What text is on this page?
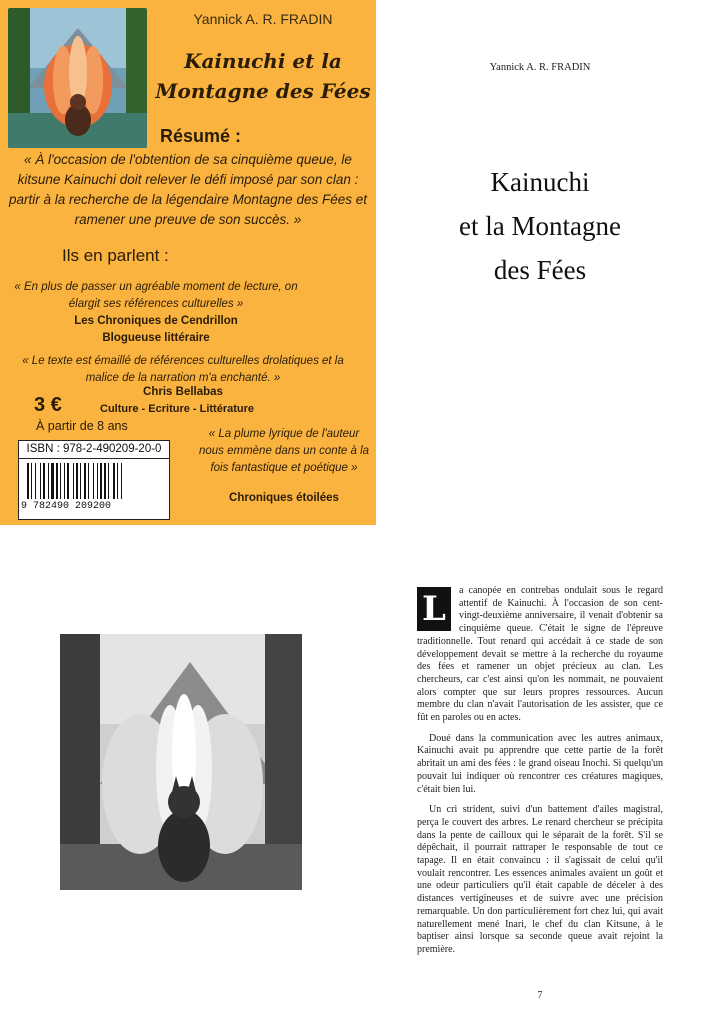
Yannick A. R. FRADIN
Kainuchi et la
Montagne des Fées
Résumé :
« À l'occasion de l'obtention de sa cinquième queue, le kitsune Kainuchi doit relever le défi imposé par son clan : partir à la recherche de la légendaire Montagne des Fées et ramener une preuve de son succès. »
Ils en parlent :
« En plus de passer un agréable moment de lecture, on élargit ses références culturelles »
Les Chroniques de Cendrillon
Blogueuse littéraire
« Le texte est émaillé de références culturelles drolatiques et la malice de la narration m'a enchanté. »
Chris Bellabas
3 €	Culture - Ecriture - Littérature
À partir de 8 ans
ISBN : 978-2-490209-20-0
9 782490 209200
« La plume lyrique de l'auteur nous emmène dans un conte à la fois fantastique et poétique »
Chroniques étoilées
Yannick A. R. FRADIN
Kainuchi
et la Montagne
des Fées

L	a canopée en contrebas ondulait sous le regard attentif de Kainuchi. À l'occasion de son cent-vingt-deuxième anniversaire, il venait d'obtenir sa cinquième queue. C'était le signe de l'épreuve traditionnelle. Tout renard qui accédait à ce stade de son développement devait se mettre à la recherche du royaume des fées et ramener un objet précieux au clan. Les chercheurs, car c'est ainsi qu'on les nommait, ne pouvaient alors compter que sur leurs propres ressources. Aucun membre du clan n'avait l'autorisation de les assister, que ce fût en paroles ou en actes.

Doué dans la communication avec les autres animaux, Kainuchi avait pu apprendre que cette partie de la forêt abritait un ami des fées : le grand oiseau Inochi. Si quelqu'un pouvait lui indiquer où rencontrer ces créatures magiques, c'était bien lui.

Un cri strident, suivi d'un battement d'ailes magistral, perça le couvert des arbres. Le renard chercheur se précipita dans la pente de cailloux qui le séparait de la forêt. S'il se dépêchait, il pourrait rattraper le responsable de tout ce tapage. Il en était convaincu : il s'agissait de celui qu'il voulait rencontrer. Les essences animales avaient un goût et une odeur particuliers qu'il était capable de déceler à des distances vertigineuses et de suivre avec une précision remarquable. Un don particulièrement fort chez lui, qui avait naturellement mené Inari, le chef du clan Kitsune, à le baptiser ainsi lorsque sa seconde queue avait rejoint la première.

7
